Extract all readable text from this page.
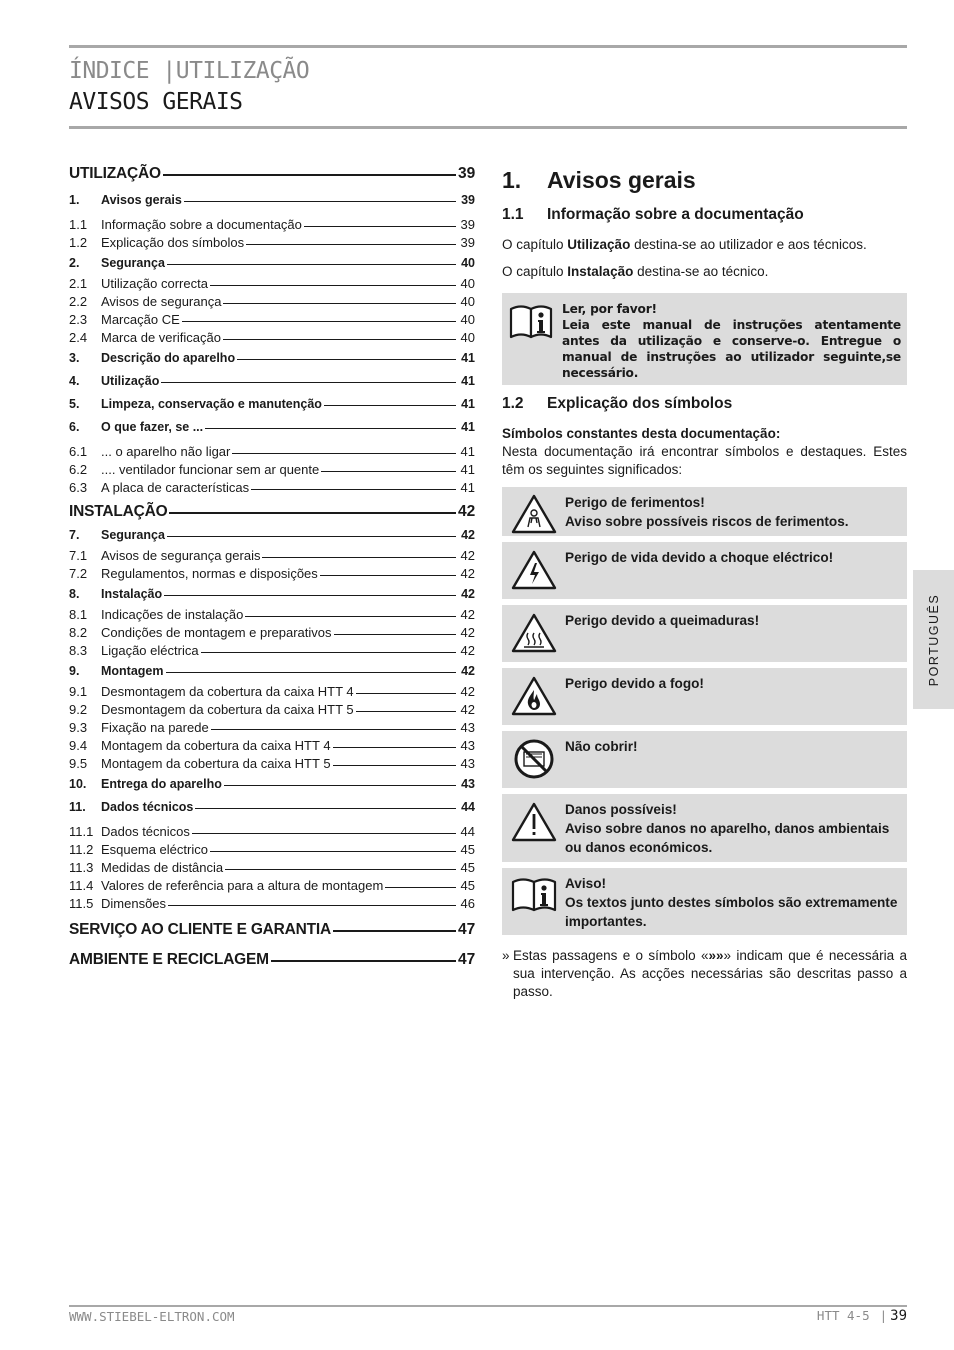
ÍNDICE |UTILIZAÇÃO
AVISOS GERAIS
UTILIZAÇÃO	39
1.	Avisos gerais	39
1.1	Informação sobre a documentação	39
1.2	Explicação dos símbolos	39
2.	Segurança	40
2.1	Utilização correcta	40
2.2	Avisos de segurança	40
2.3	Marcação CE	40
2.4	Marca de verificação	40
3.	Descrição do aparelho	41
4.	Utilização	41
5.	Limpeza, conservação e manutenção	41
6.	O que fazer, se ...	41
6.1	... o aparelho não ligar	41
6.2	.... ventilador funcionar sem ar quente	41
6.3	A placa de características	41
INSTALAÇÃO	42
7.	Segurança	42
7.1	Avisos de segurança gerais	42
7.2	Regulamentos, normas e disposições	42
8.	Instalação	42
8.1	Indicações de instalação	42
8.2	Condições de montagem e preparativos	42
8.3	Ligação eléctrica	42
9.	Montagem	42
9.1	Desmontagem da cobertura da caixa HTT 4	42
9.2	Desmontagem da cobertura da caixa HTT 5	42
9.3	Fixação na parede	43
9.4	Montagem da cobertura da caixa HTT 4	43
9.5	Montagem da cobertura da caixa HTT 5	43
10.	Entrega do aparelho	43
11.	Dados técnicos	44
11.1 Dados técnicos	44
11.2 Esquema eléctrico	45
11.3 Medidas de distância	45
11.4 Valores de referência para a altura de montagem	45
11.5 Dimensões	46
SERVIÇO AO CLIENTE E GARANTIA	47
AMBIENTE E RECICLAGEM	47
1.	Avisos gerais
1.1	Informação sobre a documentação
O capítulo Utilização destina-se ao utilizador e aos técnicos.
O capítulo Instalação destina-se ao técnico.
Ler, por favor!
Leia este manual de instruções atentamente antes da utilização e conserve-o. Entregue o manual de instruções ao utilizador seguinte,se necessário.
1.2	Explicação dos símbolos
Símbolos constantes desta documentação:
Nesta documentação irá encontrar símbolos e destaques. Estes têm os seguintes significados:
Perigo de ferimentos!
Aviso sobre possíveis riscos de ferimentos.
Perigo de vida devido a choque eléctrico!
Perigo devido a queimaduras!
Perigo devido a fogo!
Não cobrir!
Danos possíveis!
Aviso sobre danos no aparelho, danos ambientais ou danos económicos.
Aviso!
Os textos junto destes símbolos são extremamente importantes.
» Estas passagens e o símbolo «»»» indicam que é necessária a sua intervenção. As acções necessárias são descritas passo a passo.
PORTUGUÊS
WWW.STIEBEL-ELTRON.COM	HTT 4-5 | 39
